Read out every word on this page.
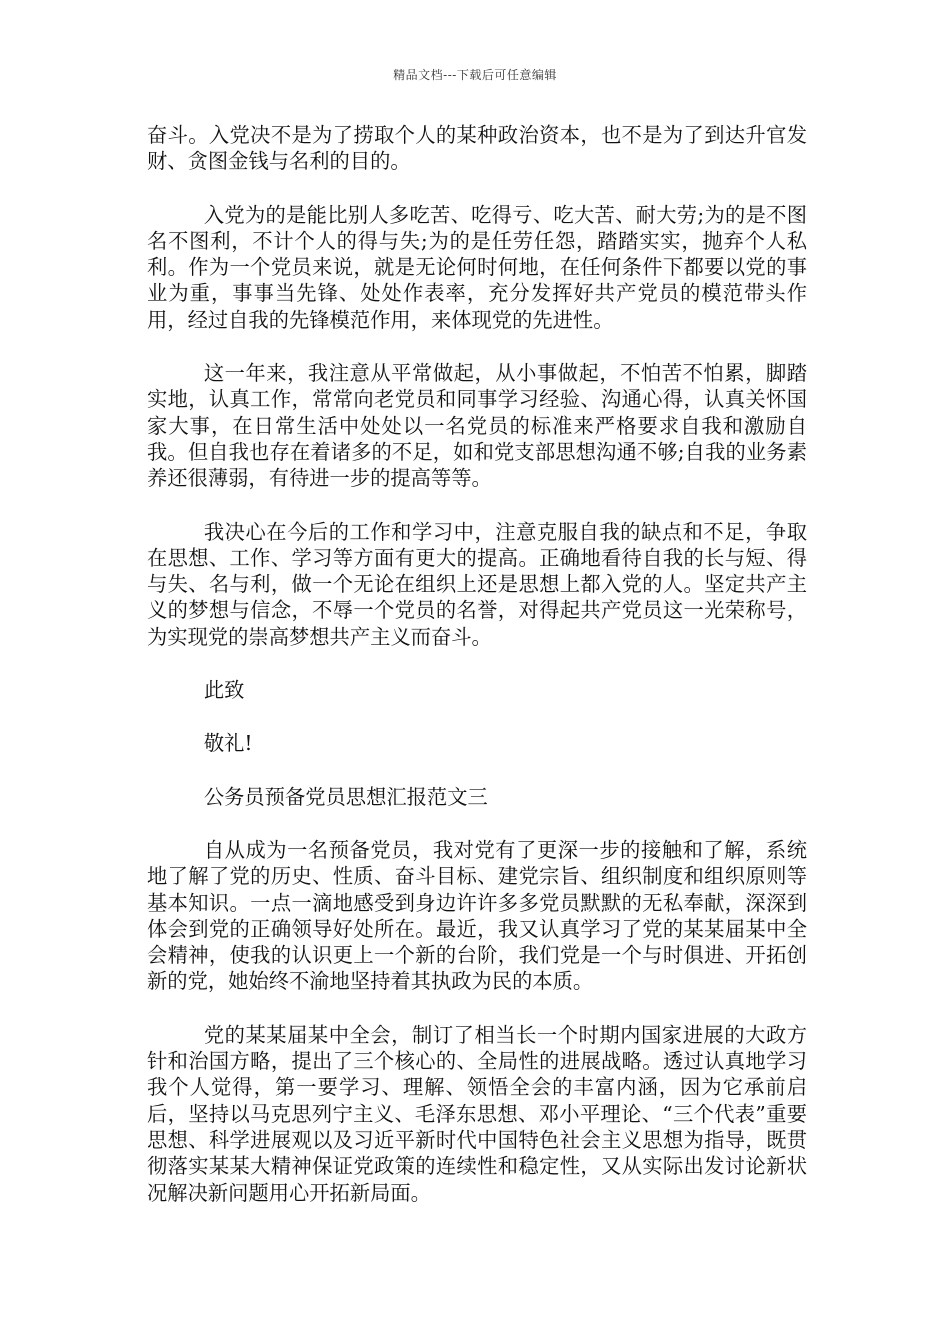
精品文档---下载后可任意编辑

奋斗。入党决不是为了捞取个人的某种政治资本，也不是为了到达升官发财、贪图金钱与名利的目的。

入党为的是能比别人多吃苦、吃得亏、吃大苦、耐大劳;为的是不图名不图利，不计个人的得与失;为的是任劳任怨，踏踏实实，抛弃个人私利。作为一个党员来说，就是无论何时何地，在任何条件下都要以党的事业为重，事事当先锋、处处作表率，充分发挥好共产党员的模范带头作用，经过自我的先锋模范作用，来体现党的先进性。

这一年来，我注意从平常做起，从小事做起，不怕苦不怕累，脚踏实地，认真工作，常常向老党员和同事学习经验、沟通心得，认真关怀国家大事，在日常生活中处处以一名党员的标准来严格要求自我和激励自我。但自我也存在着诸多的不足，如和党支部思想沟通不够;自我的业务素养还很薄弱，有待进一步的提高等等。

我决心在今后的工作和学习中，注意克服自我的缺点和不足，争取在思想、工作、学习等方面有更大的提高。正确地看待自我的长与短、得与失、名与利，做一个无论在组织上还是思想上都入党的人。坚定共产主义的梦想与信念，不辱一个党员的名誉，对得起共产党员这一光荣称号，为实现党的崇高梦想共产主义而奋斗。

此致

敬礼!

公务员预备党员思想汇报范文三

自从成为一名预备党员，我对党有了更深一步的接触和了解，系统地了解了党的历史、性质、奋斗目标、建党宗旨、组织制度和组织原则等基本知识。一点一滴地感受到身边许许多多党员默默的无私奉献，深深到体会到党的正确领导好处所在。最近，我又认真学习了党的某某届某中全会精神，使我的认识更上一个新的台阶，我们党是一个与时俱进、开拓创新的党，她始终不渝地坚持着其执政为民的本质。

党的某某届某中全会，制订了相当长一个时期内国家进展的大政方针和治国方略，提出了三个核心的、全局性的进展战略。透过认真地学习我个人觉得，第一要学习、理解、领悟全会的丰富内涵，因为它承前启后，坚持以马克思列宁主义、毛泽东思想、邓小平理论、“三个代表”重要思想、科学进展观以及习近平新时代中国特色社会主义思想为指导，既贯彻落实某某大精神保证党政策的连续性和稳定性，又从实际出发讨论新状况解决新问题用心开拓新局面。
